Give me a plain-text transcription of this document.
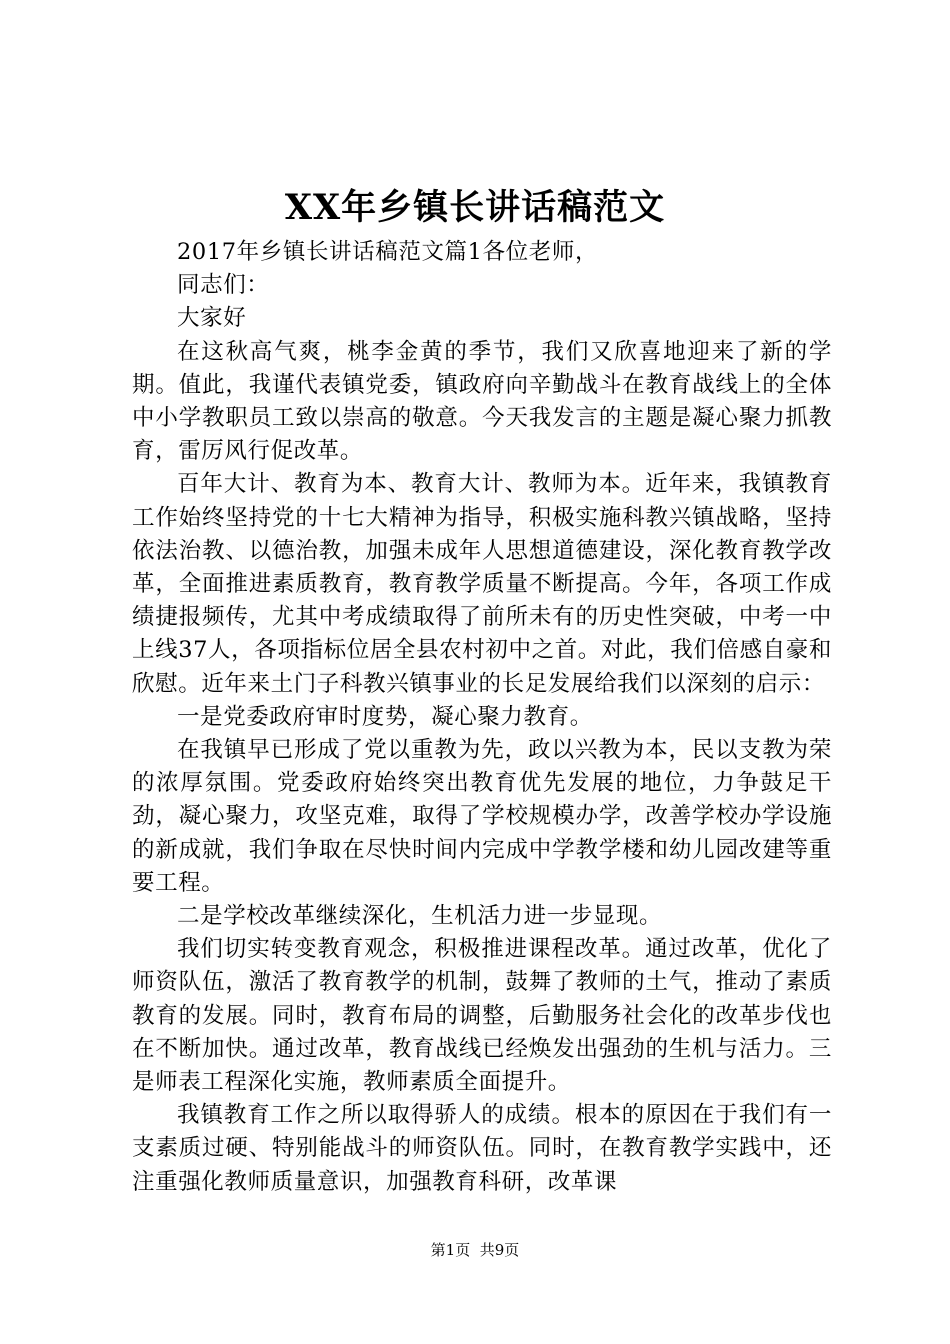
XX年乡镇长讲话稿范文

2017年乡镇长讲话稿范文篇1各位老师，

同志们：

大家好

在这秋高气爽，桃李金黄的季节，我们又欣喜地迎来了新的学期。值此，我谨代表镇党委，镇政府向辛勤战斗在教育战线上的全体中小学教职员工致以崇高的敬意。今天我发言的主题是凝心聚力抓教育，雷厉风行促改革。

百年大计、教育为本、教育大计、教师为本。近年来，我镇教育工作始终坚持党的十七大精神为指导，积极实施科教兴镇战略，坚持依法治教、以德治教，加强未成年人思想道德建设，深化教育教学改革，全面推进素质教育，教育教学质量不断提高。今年，各项工作成绩捷报频传，尤其中考成绩取得了前所未有的历史性突破，中考一中上线37人，各项指标位居全县农村初中之首。对此，我们倍感自豪和欣慰。近年来土门子科教兴镇事业的长足发展给我们以深刻的启示：

一是党委政府审时度势，凝心聚力教育。

在我镇早已形成了党以重教为先，政以兴教为本，民以支教为荣的浓厚氛围。党委政府始终突出教育优先发展的地位，力争鼓足干劲，凝心聚力，攻坚克难，取得了学校规模办学，改善学校办学设施的新成就，我们争取在尽快时间内完成中学教学楼和幼儿园改建等重要工程。

二是学校改革继续深化，生机活力进一步显现。

我们切实转变教育观念，积极推进课程改革。通过改革，优化了师资队伍，激活了教育教学的机制，鼓舞了教师的土气，推动了素质教育的发展。同时，教育布局的调整，后勤服务社会化的改革步伐也在不断加快。通过改革，教育战线已经焕发出强劲的生机与活力。三是师表工程深化实施，教师素质全面提升。

我镇教育工作之所以取得骄人的成绩。根本的原因在于我们有一支素质过硬、特别能战斗的师资队伍。同时，在教育教学实践中，还注重强化教师质量意识，加强教育科研，改革课

第1页 共9页
